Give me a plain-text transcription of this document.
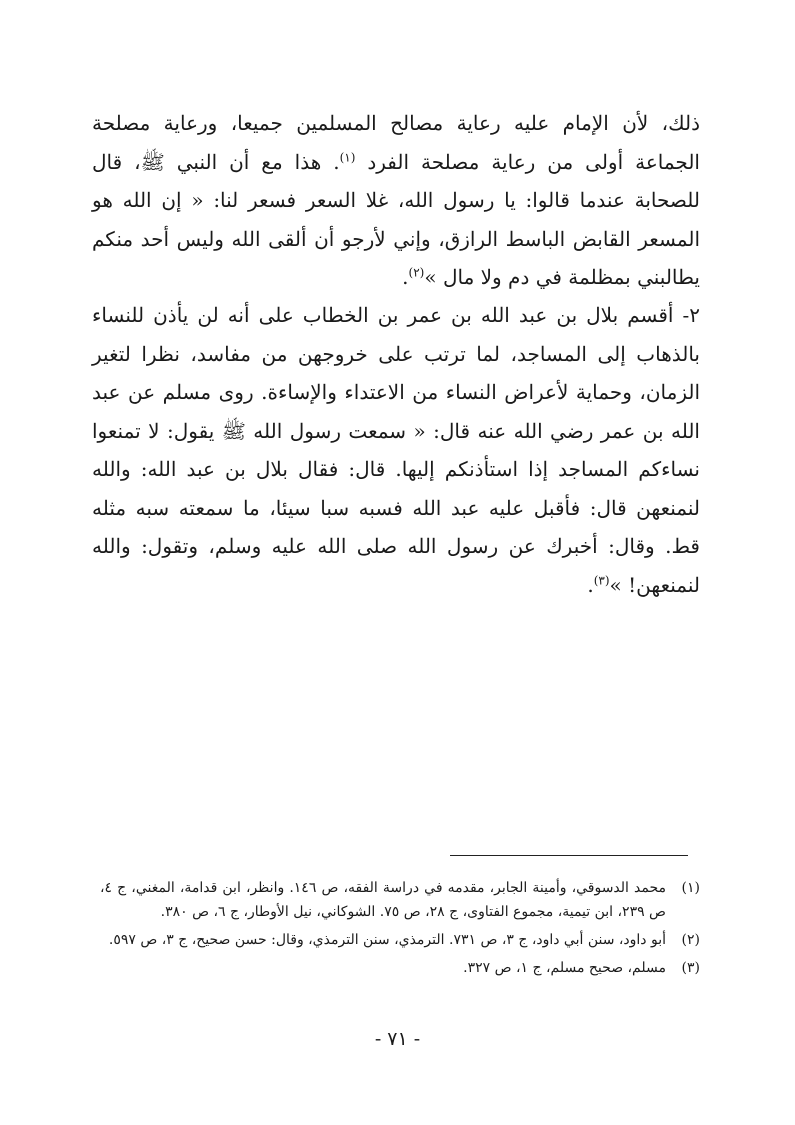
ذلك، لأن الإمام عليه رعاية مصالح المسلمين جميعا، ورعاية مصلحة الجماعة أولى من رعاية مصلحة الفرد $^{(١)}$. هذا مع أن النبي ﷺ، قال للصحابة عندما قالوا: يا رسول الله، غلا السعر فسعر لنا: « إن الله هو المسعر القابض الباسط الرازق، وإني لأرجو أن ألقى الله وليس أحد منكم يطالبني بمظلمة في دم ولا مال »$^{(٢)}$.

٢- أقسم بلال بن عبد الله بن عمر بن الخطاب على أنه لن يأذن للنساء بالذهاب إلى المساجد، لما ترتب على خروجهن من مفاسد، نظرا لتغير الزمان، وحماية لأعراض النساء من الاعتداء والإساءة. روى مسلم عن عبد الله بن عمر رضي الله عنه قال: « سمعت رسول الله ﷺ يقول: لا تمنعوا نساءكم المساجد إذا استأذنكم إليها. قال: فقال بلال بن عبد الله: والله لنمنعهن قال: فأقبل عليه عبد الله فسبه سبا سيئا، ما سمعته سبه مثله قط. وقال: أخبرك عن رسول الله صلى الله عليه وسلم، وتقول: والله لنمنعهن! »$^{(٣)}$.

(١)
محمد الدسوقي، وأمينة الجابر، مقدمه في دراسة الفقه، ص ١٤٦. وانظر، ابن قدامة، المغني، ج ٤، ص ٢٣٩، ابن تيمية، مجموع الفتاوى، ج ٢٨، ص ٧٥. الشوكاني، نيل الأوطار، ج ٦، ص ٣٨٠.
(٢)
أبو داود، سنن أبي داود، ج ٣، ص ٧٣١. الترمذي، سنن الترمذي، وقال: حسن صحيح، ج ٣، ص ٥٩٧.
(٣)
مسلم، صحيح مسلم، ج ١، ص ٣٢٧.
- ٧١ -
